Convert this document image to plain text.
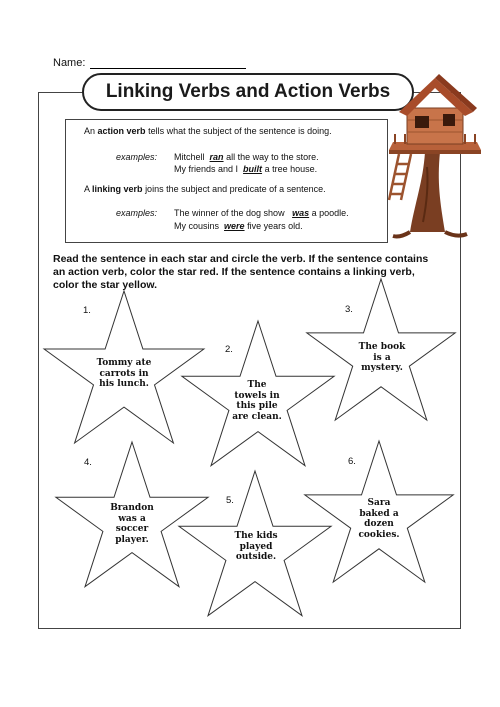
Name:
Linking Verbs and Action Verbs
An action verb tells what the subject of the sentence is doing.
examples: Mitchell ran all the way to the store.
My friends and I built a tree house.
A linking verb joins the subject and predicate of a sentence.
examples: The winner of the dog show was a poodle.
My cousins were five years old.
Read the sentence in each star and circle the verb. If the sentence contains an action verb, color the star red. If the sentence contains a linking verb, color the star yellow.
1.
2.
3.
4.
5.
6.
Tommy ate
carrots in
his lunch.	The
towels in
this pile
are clean.
The book
is a
mystery.
Brandon
was a
soccer
player.	The kids
played
outside.
Sara
baked a
dozen
cookies.
